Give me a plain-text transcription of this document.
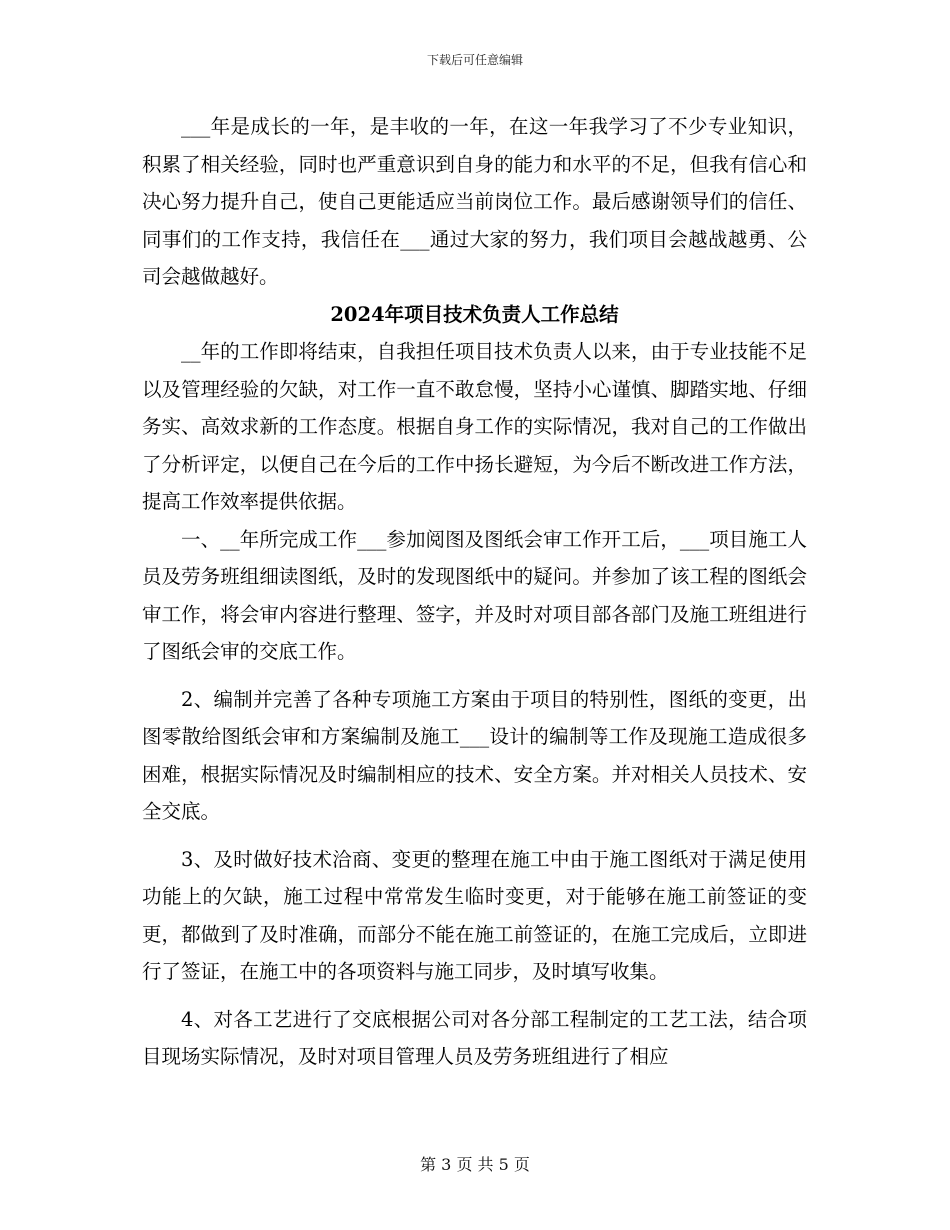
下载后可任意编辑

___年是成长的一年，是丰收的一年，在这一年我学习了不少专业知识，积累了相关经验，同时也严重意识到自身的能力和水平的不足，但我有信心和决心努力提升自己，使自己更能适应当前岗位工作。最后感谢领导们的信任、同事们的工作支持，我信任在___通过大家的努力，我们项目会越战越勇、公司会越做越好。

2024年项目技术负责人工作总结

__年的工作即将结束，自我担任项目技术负责人以来，由于专业技能不足以及管理经验的欠缺，对工作一直不敢怠慢，坚持小心谨慎、脚踏实地、仔细务实、高效求新的工作态度。根据自身工作的实际情况，我对自己的工作做出了分析评定，以便自己在今后的工作中扬长避短，为今后不断改进工作方法，提高工作效率提供依据。

一、__年所完成工作___参加阅图及图纸会审工作开工后，___项目施工人员及劳务班组细读图纸，及时的发现图纸中的疑问。并参加了该工程的图纸会审工作，将会审内容进行整理、签字，并及时对项目部各部门及施工班组进行了图纸会审的交底工作。

2、编制并完善了各种专项施工方案由于项目的特别性，图纸的变更，出图零散给图纸会审和方案编制及施工___设计的编制等工作及现施工造成很多困难，根据实际情况及时编制相应的技术、安全方案。并对相关人员技术、安全交底。

3、及时做好技术洽商、变更的整理在施工中由于施工图纸对于满足使用功能上的欠缺，施工过程中常常发生临时变更，对于能够在施工前签证的变更，都做到了及时准确，而部分不能在施工前签证的，在施工完成后，立即进行了签证，在施工中的各项资料与施工同步，及时填写收集。

4、对各工艺进行了交底根据公司对各分部工程制定的工艺工法，结合项目现场实际情况，及时对项目管理人员及劳务班组进行了相应

第 3 页 共 5 页
